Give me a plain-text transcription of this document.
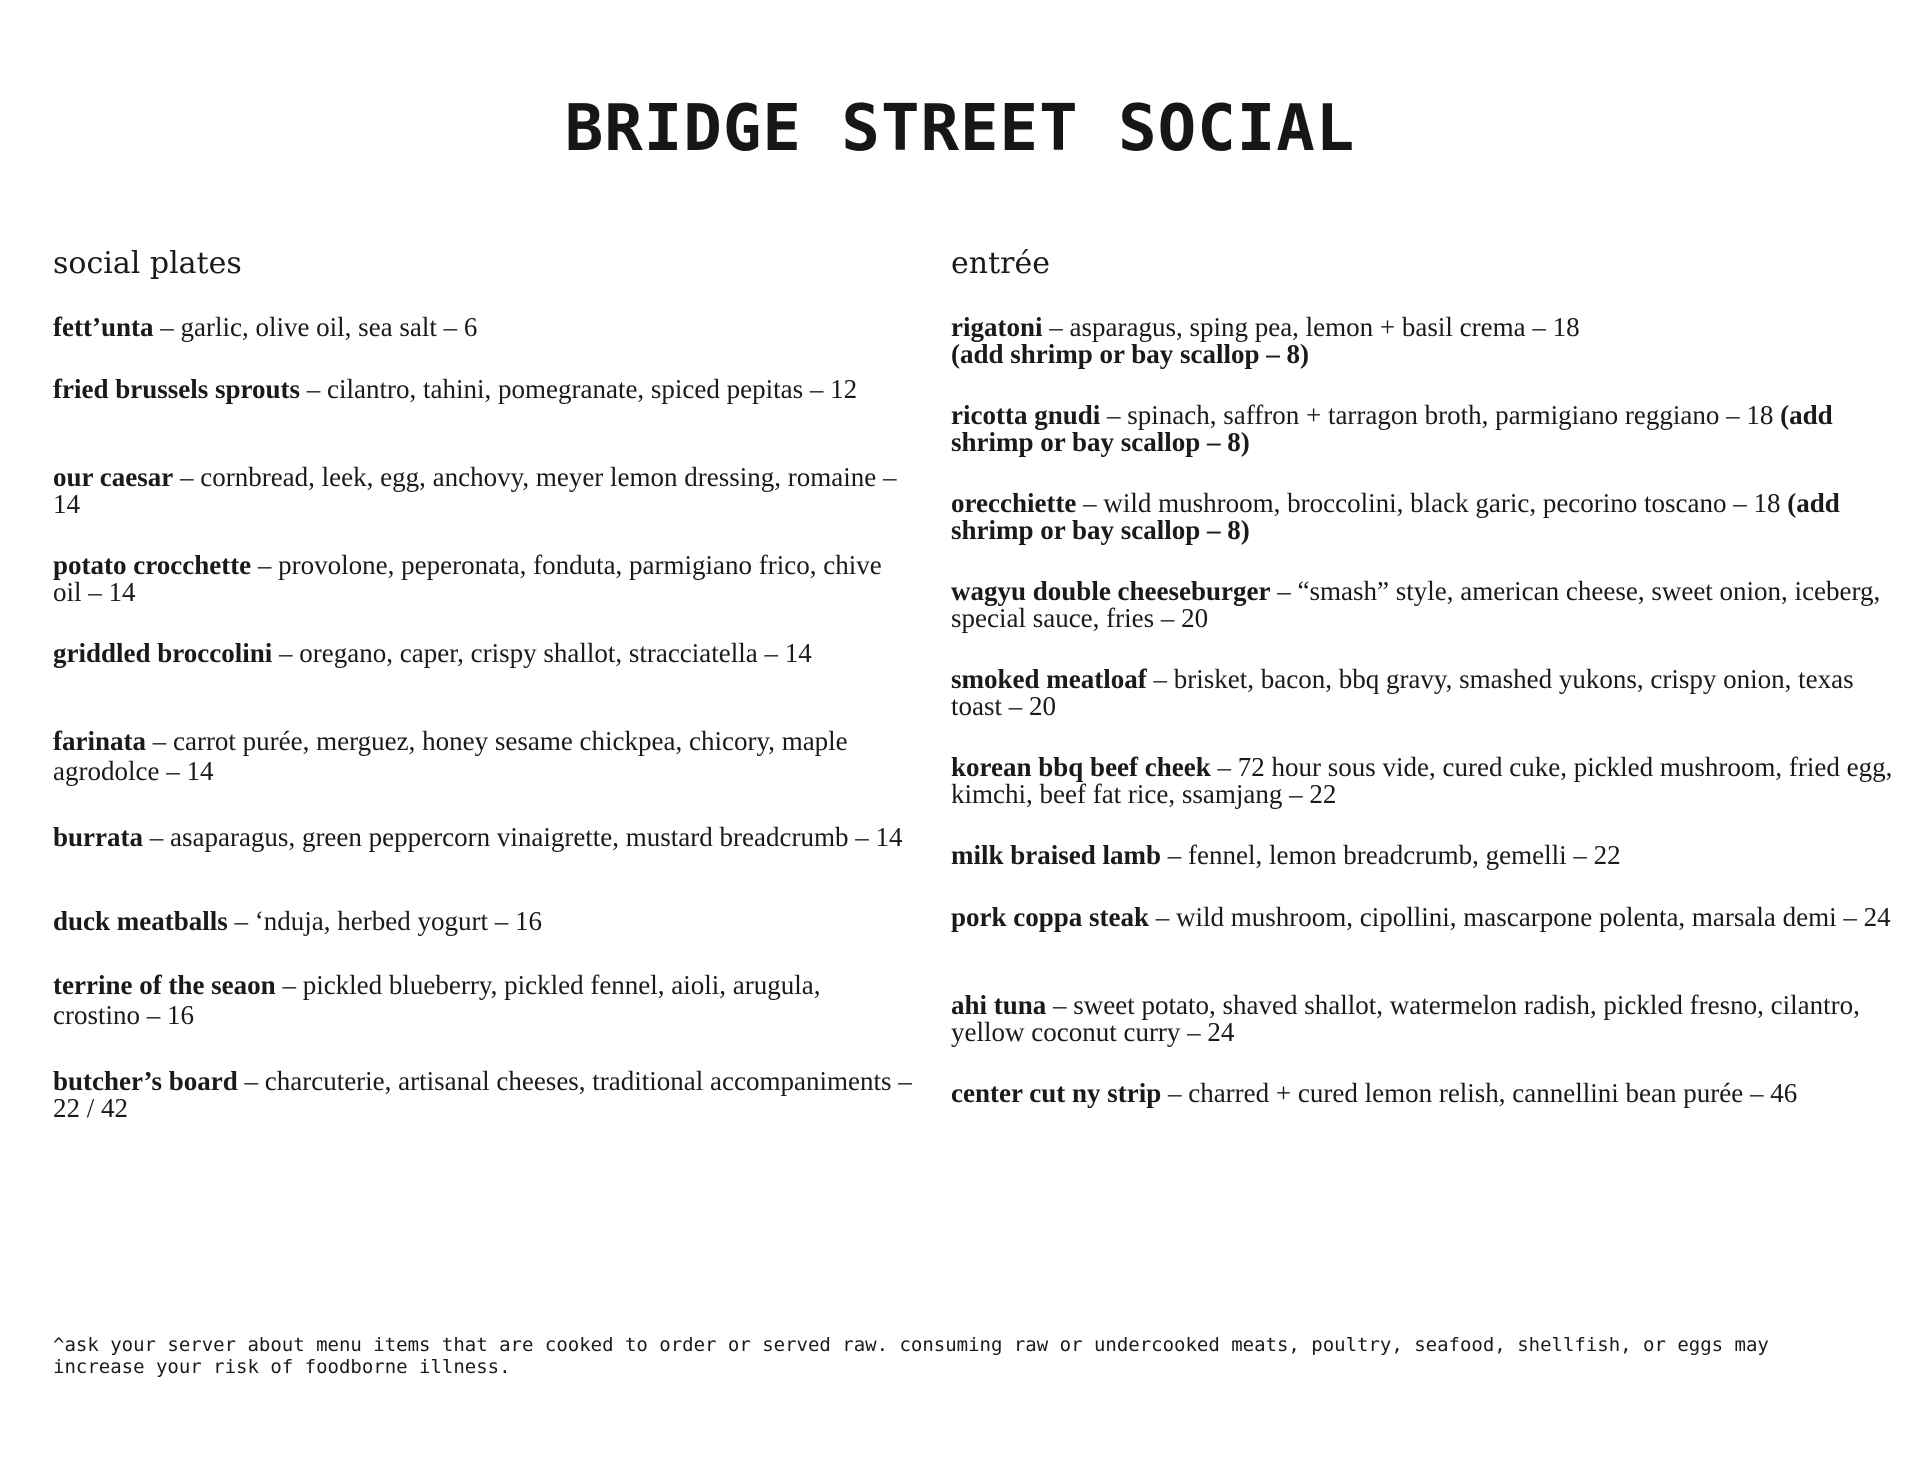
BRIDGE STREET SOCIAL
social plates
fett’unta – garlic, olive oil, sea salt – 6
fried brussels sprouts – cilantro, tahini, pomegranate, spiced pepitas – 12
our caesar – cornbread, leek, egg, anchovy, meyer lemon dressing, romaine – 14
potato crocchette – provolone, peperonata, fonduta, parmigiano frico, chive oil – 14
griddled broccolini – oregano, caper, crispy shallot, stracciatella – 14
farinata – carrot purée, merguez, honey sesame chickpea, chicory, maple agrodolce – 14
burrata – asaparagus, green peppercorn vinaigrette, mustard breadcrumb – 14
duck meatballs – ‘nduja, herbed yogurt – 16
terrine of the seaon – pickled blueberry, pickled fennel, aioli, arugula, crostino – 16
butcher’s board – charcuterie, artisanal cheeses, traditional accompaniments – 22 / 42
entrée
rigatoni – asparagus, sping pea, lemon + basil crema – 18
(add shrimp or bay scallop – 8)
ricotta gnudi – spinach, saffron + tarragon broth, parmigiano reggiano – 18 (add shrimp or bay scallop – 8)
orecchiette – wild mushroom, broccolini, black garic, pecorino toscano – 18 (add shrimp or bay scallop – 8)
wagyu double cheeseburger – “smash” style, american cheese, sweet onion, iceberg, special sauce, fries – 20
smoked meatloaf – brisket, bacon, bbq gravy, smashed yukons, crispy onion, texas toast – 20
korean bbq beef cheek – 72 hour sous vide, cured cuke, pickled mushroom, fried egg, kimchi, beef fat rice, ssamjang – 22
milk braised lamb – fennel, lemon breadcrumb, gemelli – 22
pork coppa steak – wild mushroom, cipollini, mascarpone polenta, marsala demi – 24
ahi tuna – sweet potato, shaved shallot, watermelon radish, pickled fresno, cilantro, yellow coconut curry – 24
center cut ny strip – charred + cured lemon relish, cannellini bean purée – 46
^ask your server about menu items that are cooked to order or served raw. consuming raw or undercooked meats, poultry, seafood, shellfish, or eggs may increase your risk of foodborne illness.
